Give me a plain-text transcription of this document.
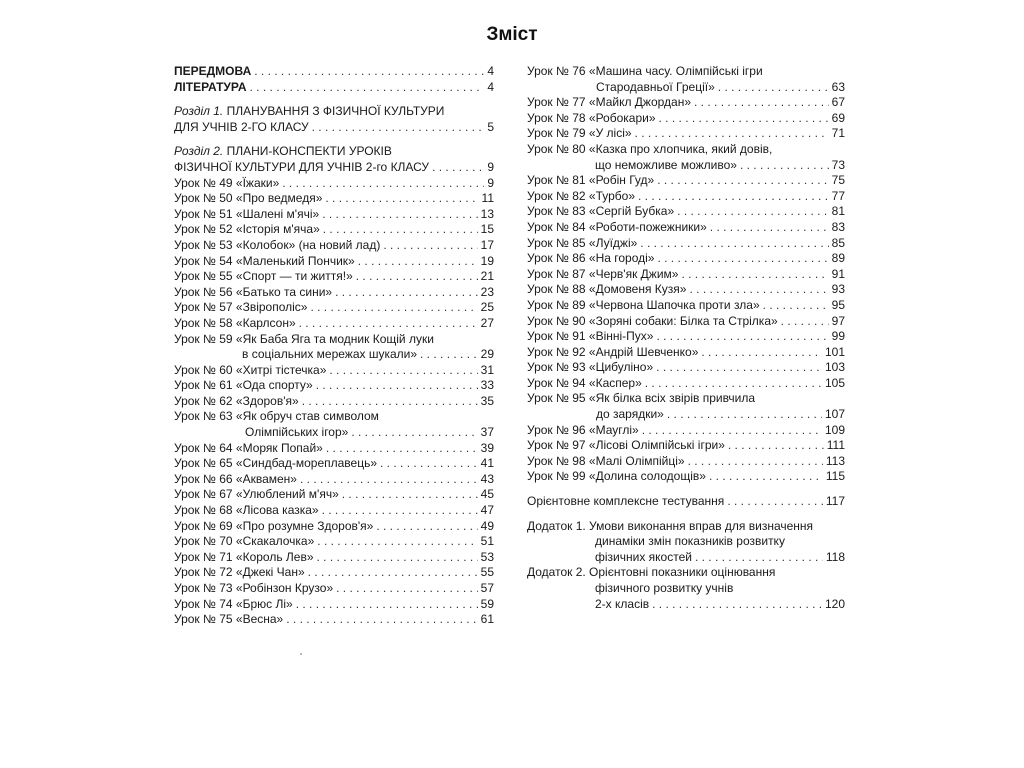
Зміст
ПЕРЕДМОВА . . .	4
ЛІТЕРАТУРА . . .	4
Розділ 1. ПЛАНУВАННЯ З ФІЗИЧНОЇ КУЛЬТУРИ
ДЛЯ УЧНІВ 2-ГО КЛАСУ . . .	5
Розділ 2. ПЛАНИ-КОНСПЕКТИ УРОКІВ
ФІЗИЧНОЇ КУЛЬТУРИ ДЛЯ УЧНІВ 2-го КЛАСУ . . .	9
Урок № 49 «Їжаки» . . .	9
Урок № 50 «Про ведмедя» . . .	11
Урок № 51 «Шалені м'ячі» . . .	13
Урок № 52 «Історія м'яча» . . .	15
Урок № 53 «Колобок» (на новий лад) . . .	17
Урок № 54 «Маленький Пончик» . . .	19
Урок № 55 «Спорт — ти життя!» . . .	21
Урок № 56 «Батько та сини» . . .	23
Урок № 57 «Звірополіс» . . .	25
Урок № 58 «Карлсон» . . .	27
Урок № 59 «Як Баба Яга та модник Кощій луки
в соціальних мережах шукали» . . .	29
Урок № 60 «Хитрі тістечка» . . .	31
Урок № 61 «Ода спорту» . . .	33
Урок № 62 «Здоров'я» . . .	35
Урок № 63 «Як обруч став символом
Олімпійських ігор» . . .	37
Урок № 64 «Моряк Попай» . . .	39
Урок № 65 «Синдбад-мореплавець» . . .	41
Урок № 66 «Аквамен» . . .	43
Урок № 67 «Улюблений м'яч» . . .	45
Урок № 68 «Лісова казка» . . .	47
Урок № 69 «Про розумне Здоров'я» . . .	49
Урок № 70 «Скакалочка» . . .	51
Урок № 71 «Король Лев» . . .	53
Урок № 72 «Джекі Чан» . . .	55
Урок № 73 «Робінзон Крузо» . . .	57
Урок № 74 «Брюс Лі» . . .	59
Урок № 75 «Весна» . . .	61
Урок № 76 «Машина часу. Олімпійські ігри
Стародавньої Греції» . . .	63
Урок № 77 «Майкл Джордан» . . .	67
Урок № 78 «Робокари» . . .	69
Урок № 79 «У лісі» . . .	71
Урок № 80 «Казка про хлопчика, який довів,
що неможливе можливо» . . .	73
Урок № 81 «Робін Гуд» . . .	75
Урок № 82 «Турбо» . . .	77
Урок № 83 «Сергій Бубка» . . .	81
Урок № 84 «Роботи-пожежники» . . .	83
Урок № 85 «Луїджі» . . .	85
Урок № 86 «На городі» . . .	89
Урок № 87 «Черв'як Джим» . . .	91
Урок № 88 «Домовеня Кузя» . . .	93
Урок № 89 «Червона Шапочка проти зла» . . .	95
Урок № 90 «Зоряні собаки: Білка та Стрілка» . . .	97
Урок № 91 «Вінні-Пух» . . .	99
Урок № 92 «Андрій Шевченко» . . .	101
Урок № 93 «Цибуліно» . . .	103
Урок № 94 «Каспер» . . .	105
Урок № 95 «Як білка всіх звірів привчила
до зарядки» . . .	107
Урок № 96 «Мауглі» . . .	109
Урок № 97 «Лісові Олімпійські ігри» . . .	111
Урок № 98 «Малі Олімпійці» . . .	113
Урок № 99 «Долина солодощів» . . .	115
Орієнтовне комплексне тестування . . .	117
Додаток 1. Умови виконання вправ для визначення
динаміки змін показників розвитку
фізичних якостей . . .	118
Додаток 2. Орієнтовні показники оцінювання
фізичного розвитку учнів
2-х класів . . .	120
